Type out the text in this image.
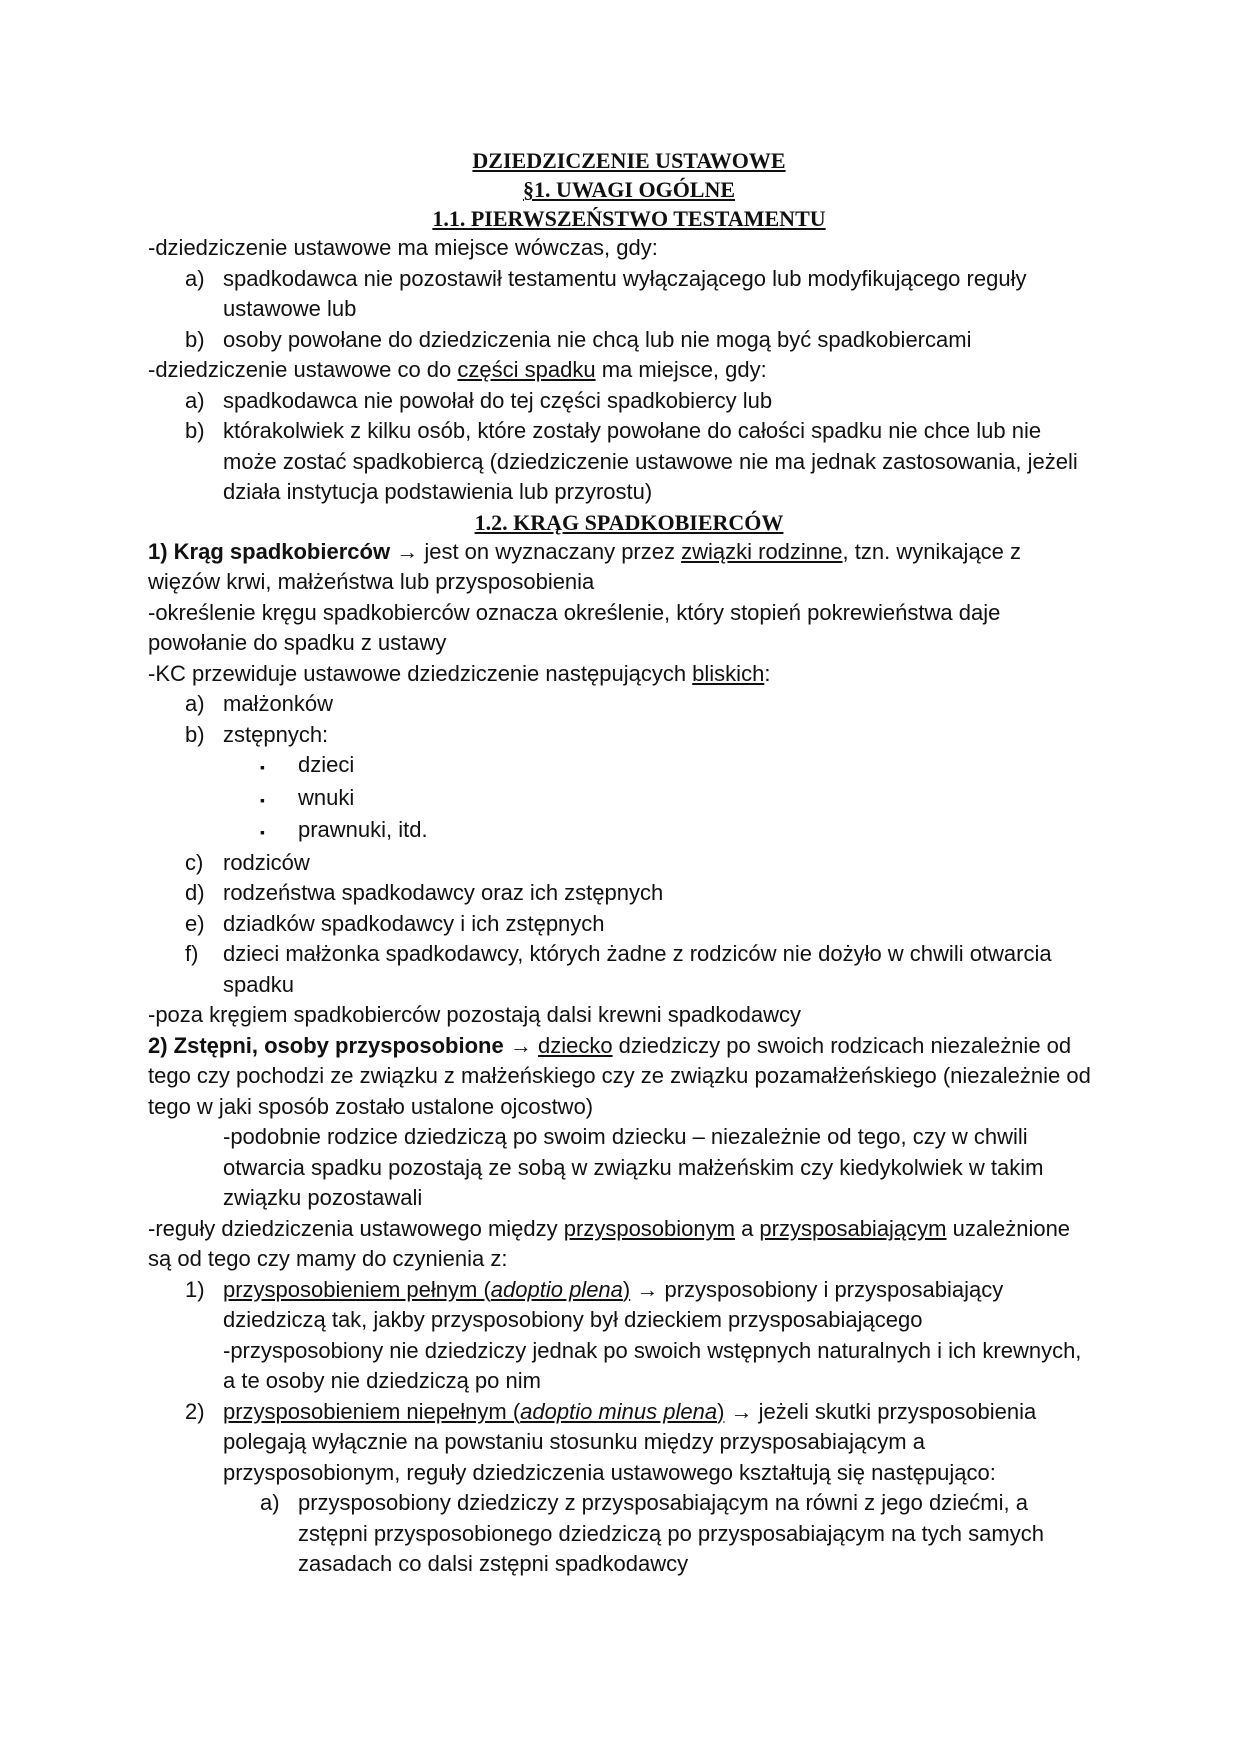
DZIEDZICZENIE USTAWOWE
§1. UWAGI OGÓLNE
1.1. PIERWSZEŃSTWO TESTAMENTU

-dziedziczenie ustawowe ma miejsce wówczas, gdy:

a) spadkodawca nie pozostawił testamentu wyłączającego lub modyfikującego reguły ustawowe lub
b) osoby powołane do dziedziczenia nie chcą lub nie mogą być spadkobiercami

-dziedziczenie ustawowe co do części spadku ma miejsce, gdy:

a) spadkodawca nie powołał do tej części spadkobiercy lub
b) którakolwiek z kilku osób, które zostały powołane do całości spadku nie chce lub nie może zostać spadkobiercą (dziedziczenie ustawowe nie ma jednak zastosowania, jeżeli działa instytucja podstawienia lub przyrostu)
1.2. KRĄG SPADKOBIERCÓW

1) Krąg spadkobierców → jest on wyznaczany przez związki rodzinne, tzn. wynikające z więzów krwi, małżeństwa lub przysposobienia

-określenie kręgu spadkobierców oznacza określenie, który stopień pokrewieństwa daje powołanie do spadku z ustawy

-KC przewiduje ustawowe dziedziczenie następujących bliskich:

a) małżonków
b) zstępnych:
▪	dzieci
▪	wnuki
▪	prawnuki, itd.
c) rodziców
d) rodzeństwa spadkodawcy oraz ich zstępnych
e) dziadków spadkodawcy i ich zstępnych
f)	dzieci małżonka spadkodawcy, których żadne z rodziców nie dożyło w chwili otwarcia spadku

-poza kręgiem spadkobierców pozostają dalsi krewni spadkodawcy

2) Zstępni, osoby przysposobione → dziecko dziedziczy po swoich rodzicach niezależnie od tego czy pochodzi ze związku z małżeńskiego czy ze związku pozamałżeńskiego (niezależnie od tego w jaki sposób zostało ustalone ojcostwo)

-podobnie rodzice dziedziczą po swoim dziecku – niezależnie od tego, czy w chwili otwarcia spadku pozostają ze sobą w związku małżeńskim czy kiedykolwiek w takim związku pozostawali

-reguły dziedziczenia ustawowego między przysposobionym a przysposabiającym uzależnione są od tego czy mamy do czynienia z:

1) przysposobieniem pełnym (adoptio plena) → przysposobiony i przysposabiający dziedziczą tak, jakby przysposobiony był dzieckiem przysposabiającego

-przysposobiony nie dziedziczy jednak po swoich wstępnych naturalnych i ich krewnych, a te osoby nie dziedziczą po nim

2) przysposobieniem niepełnym (adoptio minus plena) → jeżeli skutki przysposobienia polegają wyłącznie na powstaniu stosunku między przysposabiającym a przysposobionym, reguły dziedziczenia ustawowego kształtują się następująco:

a) przysposobiony dziedziczy z przysposabiającym na równi z jego dziećmi, a zstępni przysposobionego dziedziczą po przysposabiającym na tych samych zasadach co dalsi zstępni spadkodawcy
